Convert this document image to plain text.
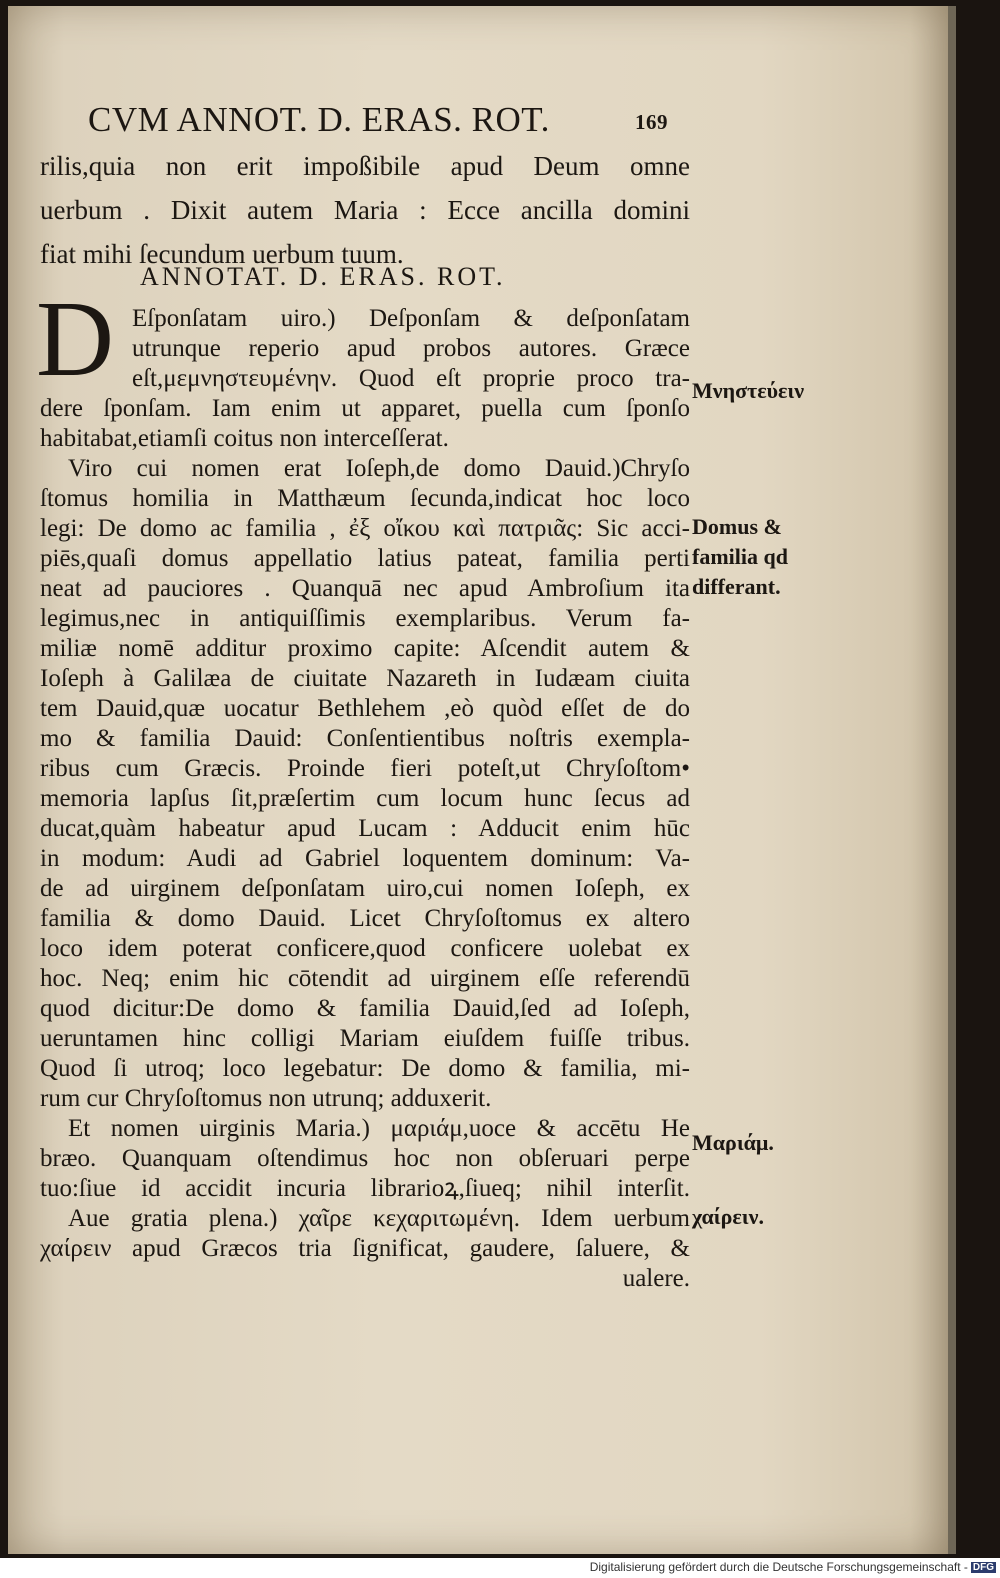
CVM ANNOT. D. ERAS. ROT.	169
rilis,quia non erit impoßibile apud Deum omne
uerbum . Dixit autem Maria : Ecce ancilla domini
fiat mihi ſecundum uerbum tuum.
ANNOTAT. D. ERAS. ROT.
D Eſponſatam uiro.) Deſponſam & deſponſatam
utrunque reperio apud probos autores. Græce
eſt,μεμνηστευμένην. Quod eſt proprie proco tra-
dere ſponſam. Iam enim ut apparet, puella cum ſponſo
habitabat,etiamſi coitus non interceſſerat.
Viro cui nomen erat Ioſeph,de domo Dauid.)Chryſo
ſtomus homilia in Matthæum ſecunda,indicat hoc loco
legi: De domo ac familia , ἐξ οἴκου καὶ πατριᾶς: Sic acci-
piēs,quaſi domus appellatio latius pateat, familia perti
neat ad pauciores . Quanquā nec apud Ambroſium ita
legimus,nec in antiquiſſimis exemplaribus. Verum fa-
miliæ nomē additur proximo capite: Aſcendit autem &
Ioſeph à Galilæa de ciuitate Nazareth in Iudæam ciuita
tem Dauid,quæ uocatur Bethlehem ,eò quòd eſſet de do
mo & familia Dauid: Conſentientibus noſtris exempla-
ribus cum Græcis. Proinde fieri poteſt,ut Chryſoſtom•
memoria lapſus ſit,præſertim cum locum hunc ſecus ad
ducat,quàm habeatur apud Lucam : Adducit enim hūc
in modum: Audi ad Gabriel loquentem dominum: Va-
de ad uirginem deſponſatam uiro,cui nomen Ioſeph, ex
familia & domo Dauid. Licet Chryſoſtomus ex altero
loco idem poterat conficere,quod conficere uolebat ex
hoc. Neq; enim hic cōtendit ad uirginem eſſe referendū
quod dicitur:De domo & familia Dauid,ſed ad Ioſeph,
ueruntamen hinc colligi Mariam eiuſdem fuiſſe tribus.
Quod ſi utroq; loco legebatur: De domo & familia, mi-
rum cur Chryſoſtomus non utrunq; adduxerit.
Et nomen uirginis Maria.) μαριάμ,uoce & accētu He
bræo. Quanquam oſtendimus hoc non obſeruari perpe
tuo:ſiue id accidit incuria librarioꝝ,ſiueq; nihil interſit.
Aue gratia plena.) χαῖρε κεχαριτωμένη. Idem uerbum
χαίρειν apud Græcos tria ſignificat, gaudere, ſaluere, &
ualere.
Μνηστεύειν
Domus &
familia qd
differant.
Μαριάμ.
χαίρειν.
Digitalisierung gefördert durch die Deutsche Forschungsgemeinschaft - DFG
